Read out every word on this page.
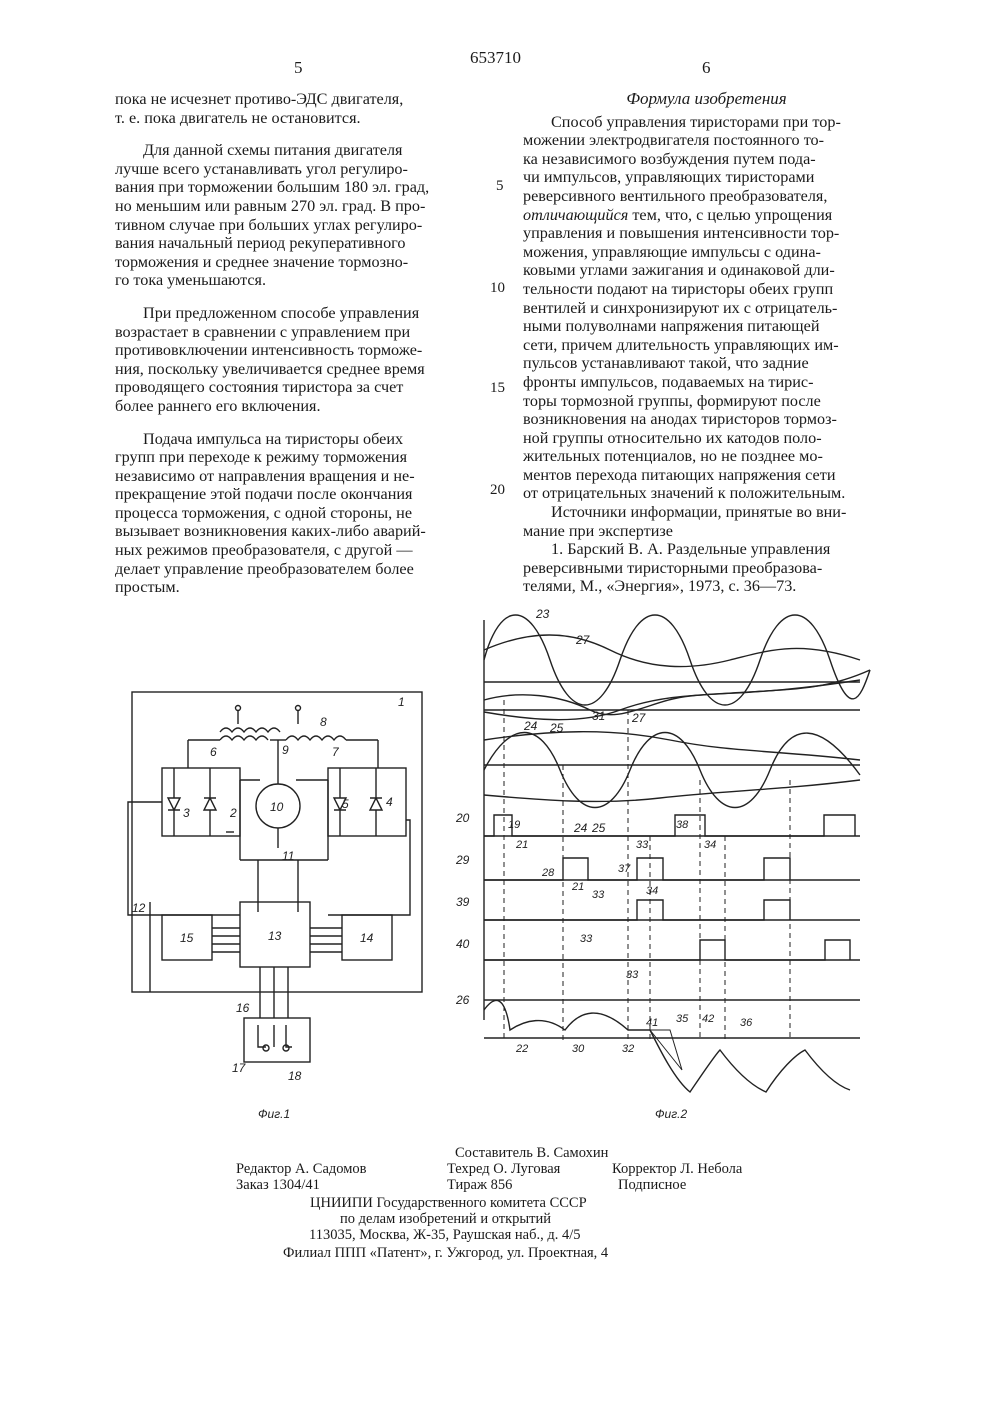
5
653710
6

пока не исчезнет противо-ЭДС двигателя,

т. е. пока двигатель не остановится.

Для данной схемы питания двигателя

лучше всего устанавливать угол регулиро-

вания при торможении большим 180 эл. град,

но меньшим или равным 270 эл. град. В про-

тивном случае при больших углах регулиро-

вания начальный период рекуперативного

торможения и среднее значение тормозно-

го тока уменьшаются.

При предложенном способе управления

возрастает в сравнении с управлением при

противовключении интенсивность торможе-

ния, поскольку увеличивается среднее время

проводящего состояния тиристора за счет

более раннего его включения.

Подача импульса на тиристоры обеих

групп при переходе к режиму торможения

независимо от направления вращения и не-

прекращение этой подачи после окончания

процесса торможения, с одной стороны, не

вызывает возникновения каких-либо аварий-

ных режимов преобразователя, с другой —

делает управление преобразователем более

простым.

5
10
15
20
Формула изобретения

Способ управления тиристорами при тор-

можении электродвигателя постоянного то-

ка независимого возбуждения путем пода-

чи импульсов, управляющих тиристорами

реверсивного вентильного преобразователя,

отличающийся тем, что, с целью упрощения

управления и повышения интенсивности тор-

можения, управляющие импульсы с одина-

ковыми углами зажигания и одинаковой дли-

тельности подают на тиристоры обеих групп

вентилей и синхронизируют их с отрицатель-

ными полуволнами напряжения питающей

сети, причем длительность управляющих им-

пульсов устанавливают такой, что задние

фронты импульсов, подаваемых на тирис-

торы тормозной группы, формируют после

возникновения на анодах тиристоров тормоз-

ной группы относительно их катодов поло-

жительных потенциалов, но не позднее мо-

ментов перехода питающих напряжения сети

от отрицательных значений к положительным.

Источники информации, принятые во вни-

мание при экспертизе

1. Барский В. А. Раздельные управления

реверсивными тиристорными преобразова-

телями, М., «Энергия», 1973, с. 36—73.

1
2
3
4
5
6	7
8
9
10
11
12
13	14
15
16
17
18
Фиг.1
23
27
24 25
31 27
24 25
20
29
39
40
26
19
21	33
38
34
28	37
21
33	34
33
33
22	30	32
41 35 42 36
Фиг.2
Составитель В. Самохин
Редактор А. Садомов	Техред О. Луговая	Корректор Л. Небола
Заказ 1304/41	Тираж 856	Подписное
ЦНИИПИ Государственного комитета СССР
по делам изобретений и открытий
113035, Москва, Ж-35, Раушская наб., д. 4/5
Филиал ППП «Патент», г. Ужгород, ул. Проектная, 4
